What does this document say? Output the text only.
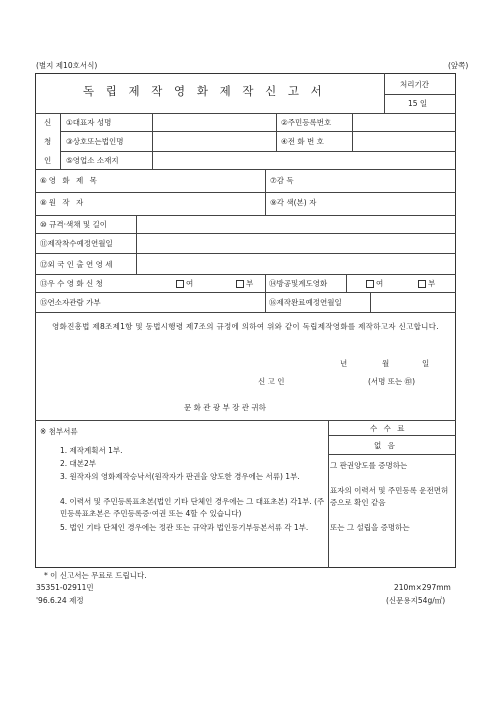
(별지 제10호서식)	(앞쪽)
독 립 제 작 영 화 제 작 신 고 서	처리기간
15 일
신
청
인
①대표자 성명	②주민등록번호
③상호또는법인명	④전 화 번 호
⑤영업소 소재지
⑥영 화 제 목	⑦감 독
⑧원 작 자	⑨각 색(본) 자
⑩ 규격·색채 및 길이
⑪제작착수예정연월일
⑫외 국 인 출 연 영 세
⑬우 수 영 화 신 청	여	부 ⑭방공및계도영화	여	부
⑮연소자관람 가부	⑯제작완료예정연월일
영화진흥법 제8조제1항 및 동법시행령 제7조의 규정에 의하여 위와 같이 독립제작영화를 제작하고자 신고합니다.
년	월	일
신 고 인	(서명 또는 ㊞)
문 화 관 광 부 장 관 귀하
※ 첨부서류
1. 제작계획서 1부.
2. 대본2부
3. 원작자의 영화제작승낙서(원작자가 판권을 양도한 경우에는 서류) 1부.
4. 이력서 및 주민등록표초본(법인 기타 단체인 경우에는 그 대표초본) 각1부. (주민등록표초본은 주민등록증·여권 또는 4할 수 있습니다)
5. 법인 기타 단체인 경우에는 정관 또는 규약과 법인등기부등본서류 각 1부.
수 수 료
없 음
그 판권양도를 증명하는
표자의 이력서 및 주민등록 운전면허증으로 확인 같음
또는 그 설립을 증명하는
* 이 신고서는 무료로 드립니다.
35351-02911민	210m×297mm
'96.6.24 제정	(신문용지54g/㎡)
